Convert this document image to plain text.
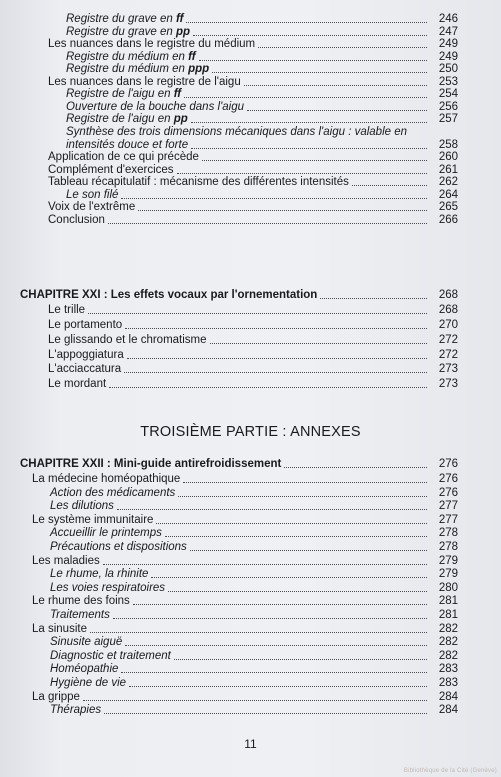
Registre du grave en ff	246
Registre du grave en pp	247
Les nuances dans le registre du médium	249
Registre du médium en ff	249
Registre du médium en ppp	250
Les nuances dans le registre de l'aigu	253
Registre de l'aigu en ff	254
Ouverture de la bouche dans l'aigu	256
Registre de l'aigu en pp	257
Synthèse des trois dimensions mécaniques dans l'aigu : valable en
intensités douce et forte	258
Application de ce qui précède	260
Complément d'exercices	261
Tableau récapitulatif : mécanisme des différentes intensités	262
Le son filé	264
Voix de l'extrême	265
Conclusion	266
CHAPITRE XXI : Les effets vocaux par l'ornementation	268
Le trille	268
Le portamento	270
Le glissando et le chromatisme	272
L'appoggiatura	272
L'acciaccatura	273
Le mordant	273
CHAPITRE XXII : Mini-guide antirefroidissement	276
La médecine homéopathique	276
Action des médicaments	276
Les dilutions	277
Le système immunitaire	277
Accueillir le printemps	278
Précautions et dispositions	278
Les maladies	279
Le rhume, la rhinite	279
Les voies respiratoires	280
Le rhume des foins	281
Traitements	281
La sinusite	282
Sinusite aiguë	282
Diagnostic et traitement	282
Homéopathie	283
Hygiène de vie	283
La grippe	284
Thérapies	284
TROISIÈME PARTIE : ANNEXES
11
Bibliothèque de la Cité (Genève)
